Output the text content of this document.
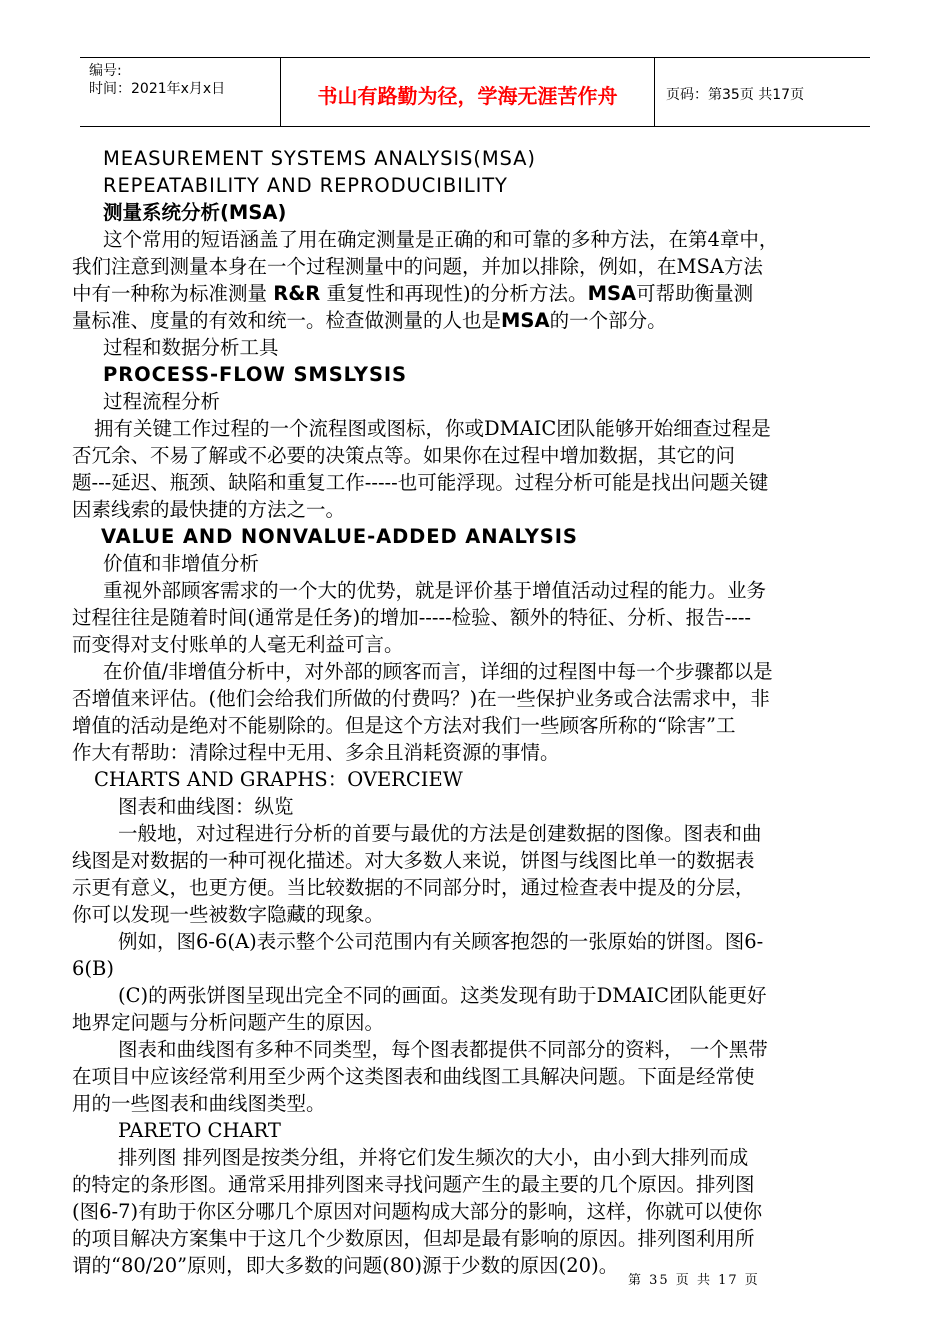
编号:
时间：2021年x月x日	书山有路勤为径，学海无涯苦作舟	页码：第35页 共17页
MEASUREMENT SYSTEMS ANALYSIS(MSA)
REPEATABILITY AND REPRODUCIBILITY
测量系统分析(MSA)
这个常用的短语涵盖了用在确定测量是正确的和可靠的多种方法，在第4章中，
我们注意到测量本身在一个过程测量中的问题，并加以排除，例如，在MSA方法
中有一种称为标准测量 R&R 重复性和再现性)的分析方法。MSA可帮助衡量测
量标准、度量的有效和统一。检查做测量的人也是MSA的一个部分。
过程和数据分析工具
PROCESS-FLOW SMSLYSIS
过程流程分析
拥有关键工作过程的一个流程图或图标，你或DMAIC团队能够开始细查过程是
否冗余、不易了解或不必要的决策点等。如果你在过程中增加数据，其它的问
题---延迟、瓶颈、缺陷和重复工作-----也可能浮现。过程分析可能是找出问题关键
因素线索的最快捷的方法之一。
VALUE AND NONVALUE-ADDED ANALYSIS
价值和非增值分析
重视外部顾客需求的一个大的优势，就是评价基于增值活动过程的能力。业务
过程往往是随着时间(通常是任务)的增加-----检验、额外的特征、分析、报告----
而变得对支付账单的人毫无利益可言。
在价值/非增值分析中，对外部的顾客而言，详细的过程图中每一个步骤都以是
否增值来评估。(他们会给我们所做的付费吗？)在一些保护业务或合法需求中，非
增值的活动是绝对不能剔除的。但是这个方法对我们一些顾客所称的“除害”工
作大有帮助：清除过程中无用、多余且消耗资源的事情。
CHARTS AND GRAPHS：OVERCIEW
图表和曲线图：纵览
一般地，对过程进行分析的首要与最优的方法是创建数据的图像。图表和曲
线图是对数据的一种可视化描述。对大多数人来说，饼图与线图比单一的数据表
示更有意义，也更方便。当比较数据的不同部分时，通过检查表中提及的分层，
你可以发现一些被数字隐藏的现象。
例如，图6-6(A)表示整个公司范围内有关顾客抱怨的一张原始的饼图。图6-
6(B)
(C)的两张饼图呈现出完全不同的画面。这类发现有助于DMAIC团队能更好
地界定问题与分析问题产生的原因。
图表和曲线图有多种不同类型，每个图表都提供不同部分的资料， 一个黑带
在项目中应该经常利用至少两个这类图表和曲线图工具解决问题。下面是经常使
用的一些图表和曲线图类型。
PARETO CHART
排列图 排列图是按类分组，并将它们发生频次的大小，由小到大排列而成
的特定的条形图。通常采用排列图来寻找问题产生的最主要的几个原因。排列图
(图6-7)有助于你区分哪几个原因对问题构成大部分的影响，这样，你就可以使你
的项目解决方案集中于这几个少数原因，但却是最有影响的原因。排列图利用所
谓的“80/20”原则，即大多数的问题(80)源于少数的原因(20)。
第 35 页 共 17 页
